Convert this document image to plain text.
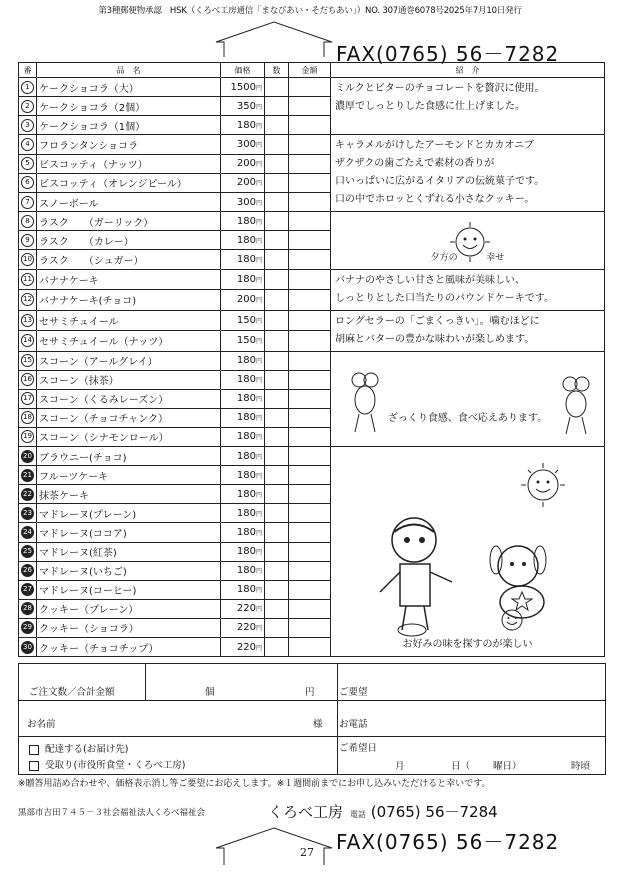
第3種郵便物承認　HSK（くろべ工房通信「まなびあい・そだちあい」）NO. 307通巻6078号2025年7月10日発行
FAX(0765) 56－7282
番	品　名	価格	数	金額	紹　介
1	ケークショコラ（大）	1500円			ミルクとビターのチョコレートを贅沢に使用。
濃厚でしっとりした食感に仕上げました。

2	ケークショコラ（2個）	350円			
3	ケークショコラ（1個）	180円			
4	フロランタンショコラ	300円			キャラメルがけしたアーモンドとカカオニブ
ザクザクの歯ごたえで素材の香りが
口いっぱいに広がるイタリアの伝統菓子です。
口の中でホロッとくずれる小さなクッキー。

5	ビスコッティ（ナッツ）	200円			
6	ビスコッティ（オレンジピール）	200円			
7	スノーボール	300円			
8	ラスク　　（ガーリック）	180円			夕方の 幸せ

9	ラスク　　（カレー）	180円			
10	ラスク　　（シュガー）	180円			
11	バナナケーキ	180円			バナナのやさしい甘さと風味が美味しい、
しっとりとした口当たりのパウンドケーキです。

12	バナナケーキ(チョコ)	200円			
13	セサミチュイール	150円			ロングセラーの「ごまくっきい」。噛むほどに
胡麻とバターの豊かな味わいが楽しめます。

14	セサミチュイール（ナッツ）	150円			
15	スコーン（アールグレイ）	180円			ざっくり食感、食べ応えあります。

16	スコーン（抹茶）	180円			
17	スコーン（くるみレーズン）	180円			
18	スコーン（チョコチャンク）	180円			
19	スコーン（シナモンロール）	180円			
20	ブラウニー(チョコ)	180円			お好みの味を探すのが楽しい

21	フルーツケーキ	180円			
22	抹茶ケーキ	180円			
23	マドレーヌ(プレーン)	180円			
24	マドレーヌ(ココア)	180円			
25	マドレーヌ(紅茶)	180円			
26	マドレーヌ(いちご)	180円			
27	マドレーヌ(コーヒー)	180円			
28	クッキー（プレーン）	220円			
29	クッキー（ショコラ）	220円			
30	クッキー（チョコチップ）	220円			
ご注文数／合計金額	個	円	ご要望
お名前	様 お電話
配達する(お届け先)
受取り(市役所食堂・くろべ工房)
ご希望日
月	日（ 曜日）	時頃
※贈答用詰め合わせや、価格表示消し等ご要望にお応えします。※１週間前までにお申し込みいただけると幸いです。
黒部市吉田７４５－３社会福祉法人くろべ福祉会	くろべ工房 電話 (0765) 56－7284
FAX(0765) 56－7282
27
